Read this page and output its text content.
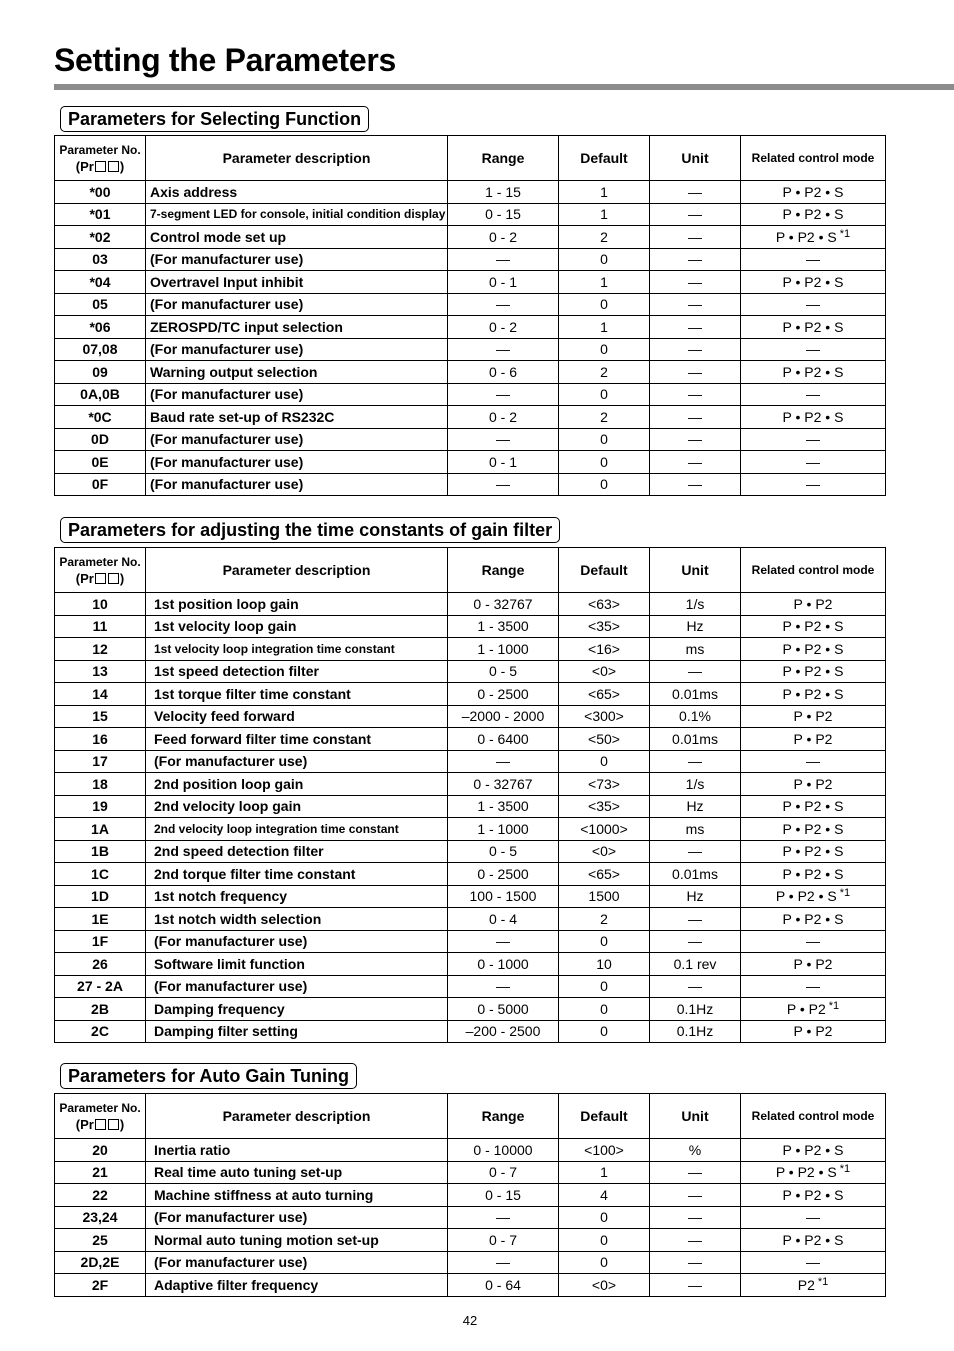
Setting the Parameters
Parameters for Selecting Function
Parameter No.
(Pr )	Parameter description	Range	Default	Unit	Related control mode
*00	Axis address	1 - 15	1	—	P • P2 • S
*01	7-segment LED for console, initial condition display	0 - 15	1	—	P • P2 • S
*02	Control mode set up	0 - 2	2	—	P • P2 • S $^{*1}$
03	(For manufacturer use)	—	0	—	—
*04	Overtravel Input inhibit	0 - 1	1	—	P • P2 • S
05	(For manufacturer use)	—	0	—	—
*06	ZEROSPD/TC input selection	0 - 2	1	—	P • P2 • S
07,08	(For manufacturer use)	—	0	—	—
09	Warning output selection	0 - 6	2	—	P • P2 • S
0A,0B	(For manufacturer use)	—	0	—	—
*0C	Baud rate set-up of RS232C	0 - 2	2	—	P • P2 • S
0D	(For manufacturer use)	—	0	—	—
0E	(For manufacturer use)	0 - 1	0	—	—
0F	(For manufacturer use)	—	0	—	—
Parameters for adjusting the time constants of gain filter
Parameter No.
(Pr )	Parameter description	Range	Default	Unit	Related control mode
10	1st position loop gain	0 - 32767	<63>	1/s	P • P2
11	1st velocity loop gain	1 - 3500	<35>	Hz	P • P2 • S
12	1st velocity loop integration time constant	1 - 1000	<16>	ms	P • P2 • S
13	1st speed detection filter	0 - 5	<0>	—	P • P2 • S
14	1st torque filter time constant	0 - 2500	<65>	0.01ms	P • P2 • S
15	Velocity feed forward	–2000 - 2000	<300>	0.1%	P • P2
16	Feed forward filter time constant	0 - 6400	<50>	0.01ms	P • P2
17	(For manufacturer use)	—	0	—	—
18	2nd position loop gain	0 - 32767	<73>	1/s	P • P2
19	2nd velocity loop gain	1 - 3500	<35>	Hz	P • P2 • S
1A	2nd velocity loop integration time constant	1 - 1000	<1000>	ms	P • P2 • S
1B	2nd speed detection filter	0 - 5	<0>	—	P • P2 • S
1C	2nd torque filter time constant	0 - 2500	<65>	0.01ms	P • P2 • S
1D	1st notch frequency	100 - 1500	1500	Hz	P • P2 • S $^{*1}$
1E	1st notch width selection	0 - 4	2	—	P • P2 • S
1F	(For manufacturer use)	—	0	—	—
26	Software limit function	0 - 1000	10	0.1 rev	P • P2
27 - 2A	(For manufacturer use)	—	0	—	—
2B	Damping frequency	0 - 5000	0	0.1Hz	P • P2 $^{*1}$
2C	Damping filter setting	–200 - 2500	0	0.1Hz	P • P2
Parameters for Auto Gain Tuning
Parameter No.
(Pr )	Parameter description	Range	Default	Unit	Related control mode
20	Inertia ratio	0 - 10000	<100>	%	P • P2 • S
21	Real time auto tuning set-up	0 - 7	1	—	P • P2 • S $^{*1}$
22	Machine stiffness at auto turning	0 - 15	4	—	P • P2 • S
23,24	(For manufacturer use)	—	0	—	—
25	Normal auto tuning motion set-up	0 - 7	0	—	P • P2 • S
2D,2E	(For manufacturer use)	—	0	—	—
2F	Adaptive filter frequency	0 - 64	<0>	—	P2 $^{*1}$
42
